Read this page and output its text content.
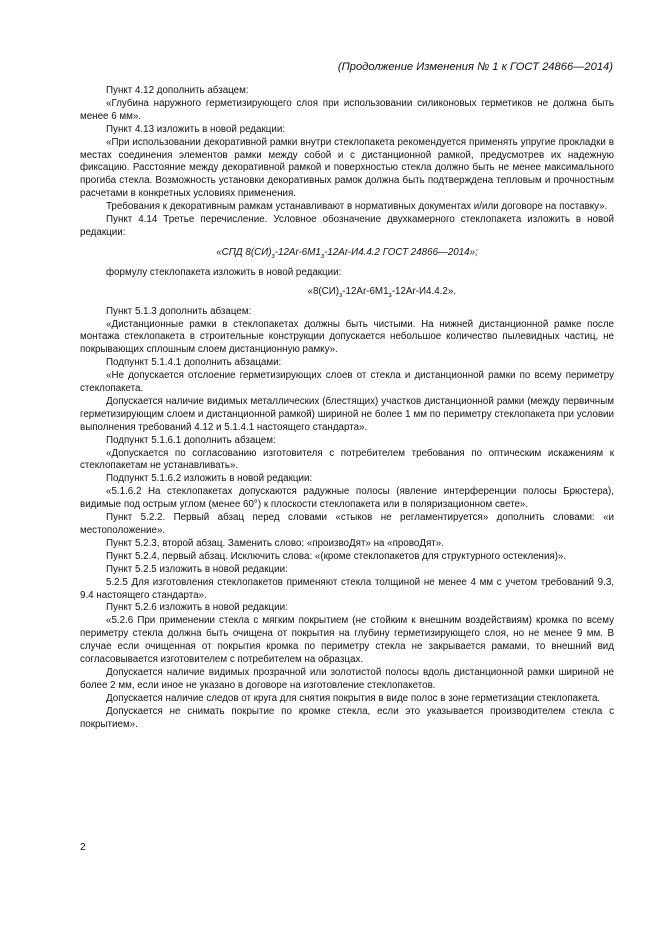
(Продолжение Изменения № 1 к ГОСТ 24866—2014)

Пункт 4.12 дополнить абзацем:

«Глубина наружного герметизирующего слоя при использовании силиконовых герметиков не должна быть менее 6 мм».

Пункт 4.13 изложить в новой редакции:

«При использовании декоративной рамки внутри стеклопакета рекомендуется применять упругие прокладки в местах соединения элементов рамки между собой и с дистанционной рамкой, предусмотрев их надежную фиксацию. Расстояние между декоративной рамкой и поверхностью стекла должно быть не менее максимального прогиба стекла. Возможность установки декоративных рамок должна быть подтверждена тепловым и прочностным расчетами в конкретных условиях применения.

Требования к декоративным рамкам устанавливают в нормативных документах и/или договоре на поставку».

Пункт 4.14 Третье перечисление. Условное обозначение двухкамерного стеклопакета изложить в новой редакции:

«СПД $8(СИ)_з-12Ar-6М1_з-12Ar-И4.4.2$ ГОСТ 24866—2014»;

формулу стеклопакета изложить в новой редакции:

«$8(СИ)_з-12Ar-6М1_з-12Ar-И4.4.2$».

Пункт 5.1.3 дополнить абзацем:

«Дистанционные рамки в стеклопакетах должны быть чистыми. На нижней дистанционной рамке после монтажа стеклопакета в строительные конструкции допускается небольшое количество пылевидных частиц, не покрывающих сплошным слоем дистанционную рамку».

Подпункт 5.1.4.1 дополнить абзацами:

«Не допускается отслоение герметизирующих слоев от стекла и дистанционной рамки по всему периметру стеклопакета.

Допускается наличие видимых металлических (блестящих) участков дистанционной рамки (между первичным герметизирующим слоем и дистанционной рамкой) шириной не более 1 мм по периметру стеклопакета при условии выполнения требований 4.12 и 5.1.4.1 настоящего стандарта».

Подпункт 5.1.6.1 дополнить абзацем:

«Допускается по согласованию изготовителя с потребителем требования по оптическим искажениям к стеклопакетам не устанавливать».

Подпункт 5.1.6.2 изложить в новой редакции:

«5.1.6.2 На стеклопакетах допускаются радужные полосы (явление интерференции полосы Брюстера), видимые под острым углом (менее 60°) к плоскости стеклопакета или в поляризационном свете».

Пункт 5.2.2. Первый абзац перед словами «стыков не регламентируется» дополнить словами: «и местоположение».

Пункт 5.2.3, второй абзац. Заменить слово: «произвоДят» на «провоДят».

Пункт 5.2.4, первый абзац. Исключить слова: «(кроме стеклопакетов для структурного остекления)».

Пункт 5.2.5 изложить в новой редакции:

5.2.5 Для изготовления стеклопакетов применяют стекла толщиной не менее 4 мм с учетом требований 9.3, 9.4 настоящего стандарта».

Пункт 5.2.6 изложить в новой редакции:

«5.2.6 При применении стекла с мягким покрытием (не стойким к внешним воздействиям) кромка по всему периметру стекла должна быть очищена от покрытия на глубину герметизирующего слоя, но не менее 9 мм. В случае если очищенная от покрытия кромка по периметру стекла не закрывается рамами, то внешний вид согласовывается изготовителем с потребителем на образцах.

Допускается наличие видимых прозрачной или золотистой полосы вдоль дистанционной рамки шириной не более 2 мм, если иное не указано в договоре на изготовление стеклопакетов.

Допускается наличие следов от круга для снятия покрытия в виде полос в зоне герметизации стеклопакета.

Допускается не снимать покрытие по кромке стекла, если это указывается производителем стекла с покрытием».

2
